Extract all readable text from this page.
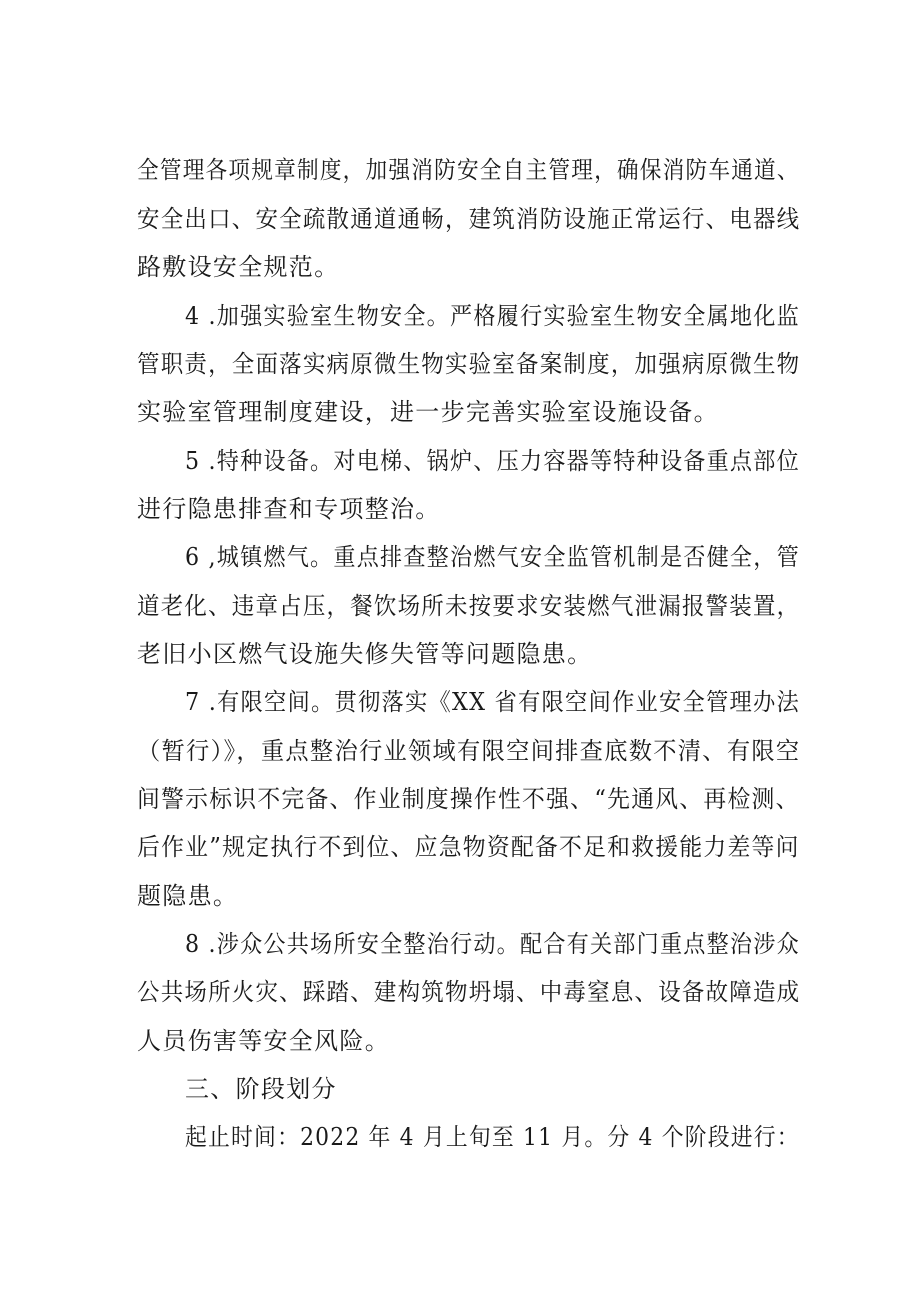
全管理各项规章制度，加强消防安全自主管理，确保消防车通道、
安全出口、安全疏散通道通畅，建筑消防设施正常运行、电器线
路敷设安全规范。
4 .加强实验室生物安全。严格履行实验室生物安全属地化监
管职责，全面落实病原微生物实验室备案制度，加强病原微生物
实验室管理制度建设，进一步完善实验室设施设备。
5 .特种设备。对电梯、锅炉、压力容器等特种设备重点部位
进行隐患排查和专项整治。
6 ,城镇燃气。重点排查整治燃气安全监管机制是否健全，管
道老化、违章占压，餐饮场所未按要求安装燃气泄漏报警装置，
老旧小区燃气设施失修失管等问题隐患。
7 .有限空间。贯彻落实《XX 省有限空间作业安全管理办法
（暂行）》，重点整治行业领域有限空间排查底数不清、有限空
间警示标识不完备、作业制度操作性不强、“先通风、再检测、
后作业”规定执行不到位、应急物资配备不足和救援能力差等问
题隐患。
8 .涉众公共场所安全整治行动。配合有关部门重点整治涉众
公共场所火灾、踩踏、建构筑物坍塌、中毒窒息、设备故障造成
人员伤害等安全风险。
三、阶段划分
起止时间：2022 年 4 月上旬至 11 月。分 4 个阶段进行：
